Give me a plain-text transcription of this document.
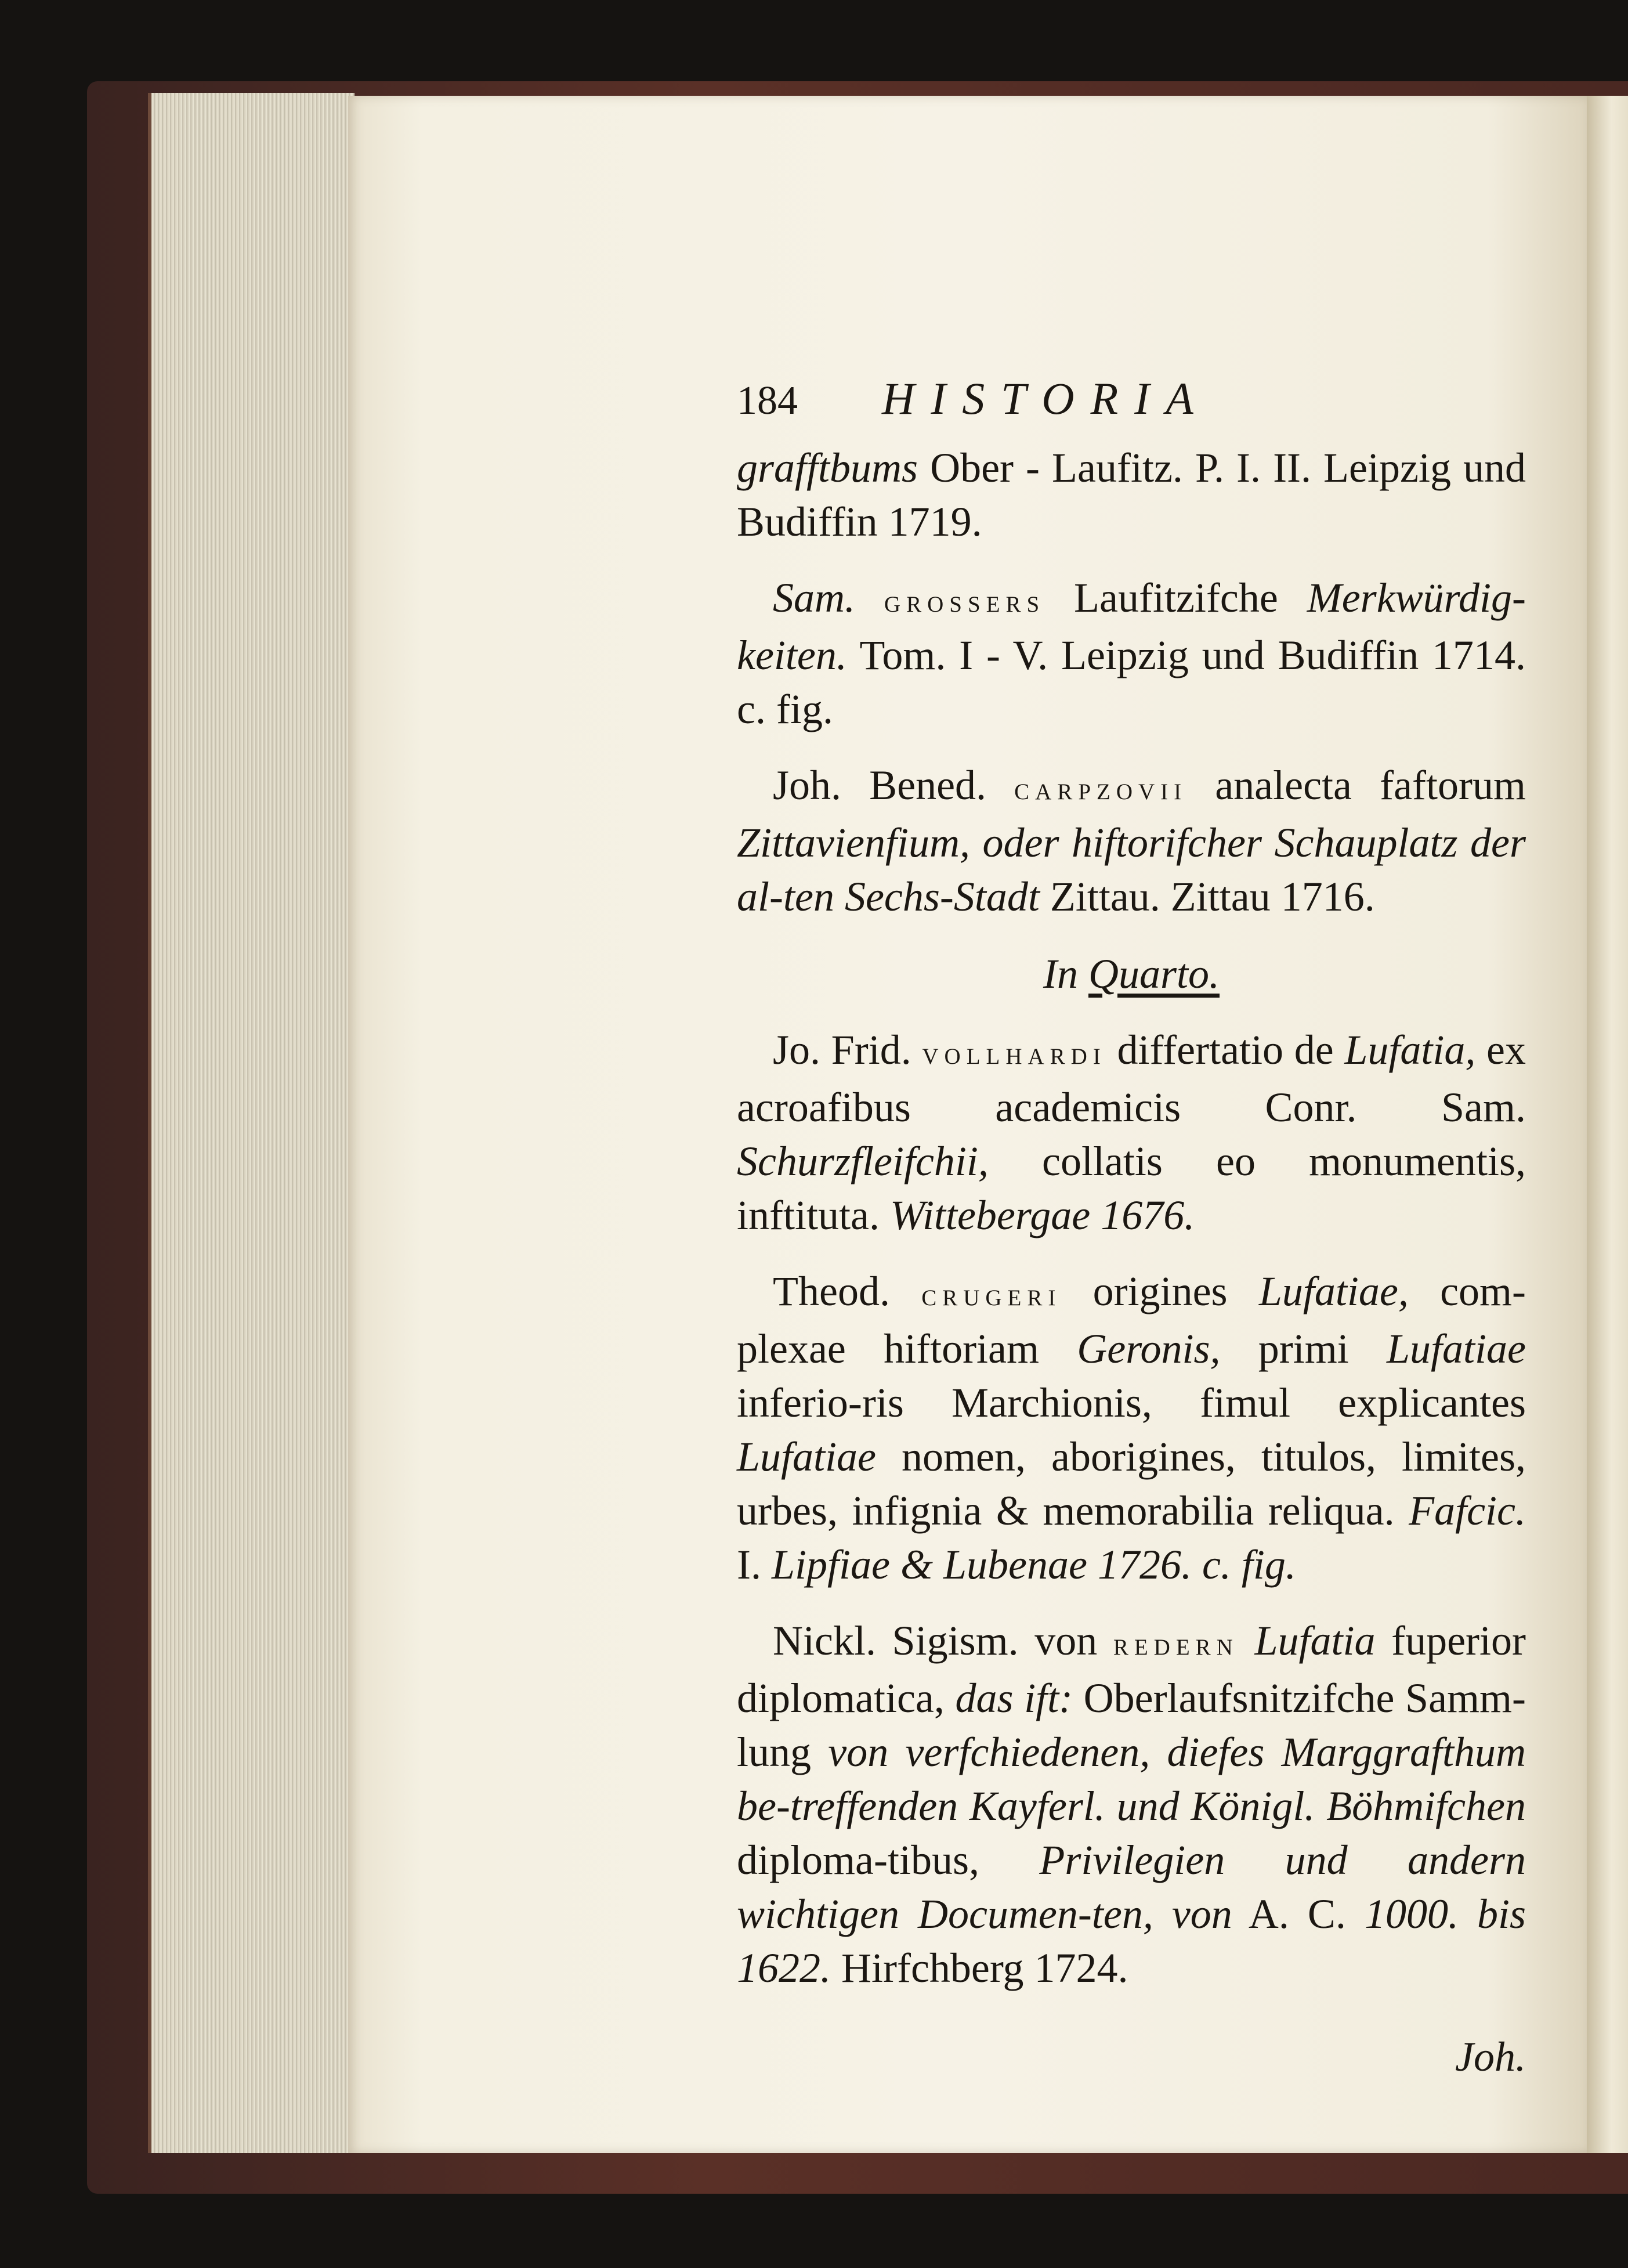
184	HISTORIA

grafftbums Ober - Laufitz. P. I. II. Leipzig und Budiffin 1719.

Sam. grossers Laufitzifche Merkwürdig-keiten. Tom. I - V. Leipzig und Budiffin 1714. c. fig.

Joh. Bened. carpzovii analecta faftorum Zittavienfium, oder hiftorifcher Schauplatz der al-ten Sechs-Stadt Zittau. Zittau 1716.

In Quarto.

Jo. Frid. vollhardi differtatio de Lufatia, ex acroafibus academicis Conr. Sam. Schurzfleifchii, collatis eo monumentis, inftituta. Wittebergae 1676.

Theod. crugeri origines Lufatiae, com-plexae hiftoriam Geronis, primi Lufatiae inferio-ris Marchionis, fimul explicantes Lufatiae nomen, aborigines, titulos, limites, urbes, infignia & memorabilia reliqua. Fafcic. I. Lipfiae & Lubenae 1726. c. fig.

Nickl. Sigism. von redern Lufatia fuperior diplomatica, das ift: Oberlaufsnitzifche Samm-lung von verfchiedenen, diefes Marggrafthum be-treffenden Kayferl. und Königl. Böhmifchen diploma-tibus, Privilegien und andern wichtigen Documen-ten, von A. C. 1000. bis 1622. Hirfchberg 1724.

Joh.
